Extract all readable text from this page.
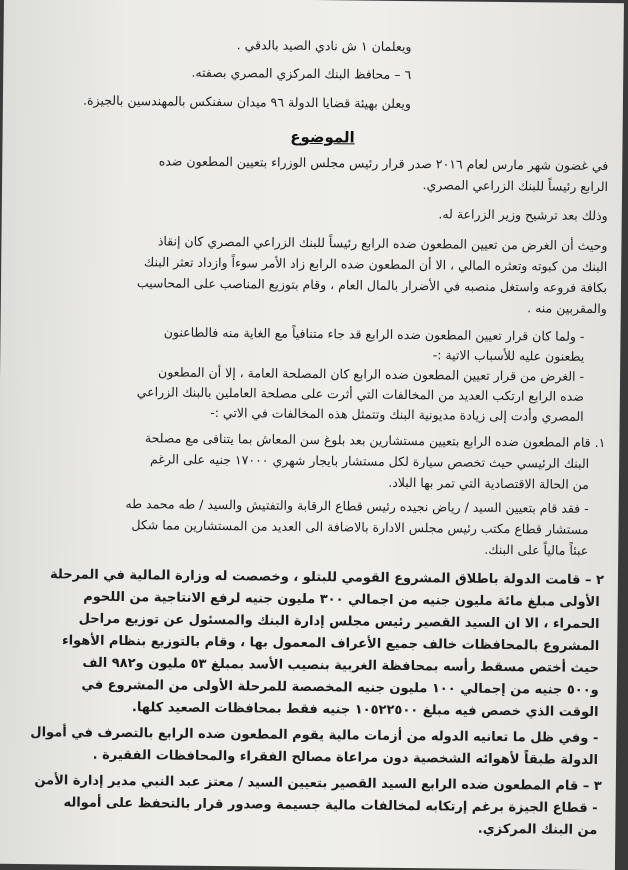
ويعلمان ١ ش نادي الصيد بالدقي .
٦ – محافظ البنك المركزي المصري بصفته.
ويعلن بهيئة قضايا الدولة ٩٦ ميدان سفنكس بالمهندسين بالجيزة.
الموضوع
في غضون شهر مارس لعام ٢٠١٦ صدر قرار رئيس مجلس الوزراء بتعيين المطعون ضده
الرابع رئيساً للبنك الزراعي المصري.
وذلك بعد ترشيح وزير الزراعة له.
وحيث أن الغرض من تعيين المطعون ضده الرابع رئيساً للبنك الزراعي المصري كان إنقاذ
البنك من كبوته وتعثره المالي ، الا أن المطعون ضده الرابع زاد الأمر سوءاً وازداد تعثر البنك
بكافة فروعه واستغل منصبه في الأضرار بالمال العام ، وقام بتوزيع المناصب على المحاسيب
والمقربين منه .
- ولما كان قرار تعيين المطعون ضده الرابع قد جاء متنافياً مع الغاية منه فالطاعنون
يطعنون عليه للأسباب الاتية :-
- الغرض من قرار تعيين المطعون ضده الرابع كان المصلحة العامة ، إلا أن المطعون
ضده الرابع ارتكب العديد من المخالفات التي أثرت على مصلحة العاملين بالبنك الزراعي
المصري وأدت إلى زيادة مديونية البنك وتتمثل هذه المخالفات في الاتي :-
١. قام المطعون ضده الرابع بتعيين مستشارين بعد بلوغ سن المعاش بما يتنافى مع مصلحة
البنك الرئيسي حيث تخصص سيارة لكل مستشار بايجار شهري ١٧٠٠٠ جنيه على الرغم
من الحالة الاقتصادية التي تمر بها البلاد.
- فقد قام بتعيين السيد / رياض نجيده رئيس قطاع الرقابة والتفتيش والسيد / طه محمد طه
مستشار قطاع مكتب رئيس مجلس الادارة بالاضافة الى العديد من المستشارين مما شكل
عبئاً مالياً على البنك.
٢ – قامت الدولة باطلاق المشروع القومي للبتلو ، وخصصت له وزارة المالية في المرحلة
الأولى مبلغ مائة مليون جنيه من اجمالي ٣٠٠ مليون جنيه لرفع الانتاجية من اللحوم
الحمراء ، الا ان السيد القصير رئيس مجلس إدارة البنك والمسئول عن توزيع مراحل
المشروع بالمحافظات خالف جميع الأعراف المعمول بها ، وقام بالتوزيع بنظام الأهواء
حيث أختص مسقط رأسه بمحافظة الغربية بنصيب الأسد بمبلغ ٥٣ مليون و٩٨٢ الف
و٥٠٠ جنيه من إجمالي ١٠٠ مليون جنيه المخصصة للمرحلة الأولى من المشروع في
الوقت الذي خصص فيه مبلغ ١٠٥٢٢٥٠٠ جنيه فقط بمحافظات الصعيد كلها.
- وفي ظل ما تعانيه الدوله من أزمات مالية يقوم المطعون ضده الرابع بالتصرف في أموال
الدولة طبقاً لأهوائه الشخصية دون مراعاة مصالح الفقراء والمحافظات الفقيرة .
٣ – قام المطعون ضده الرابع السيد القصير بتعيين السيد / معتز عبد النبي مدير إدارة الأمن
- قطاع الجيزة برغم إرتكابه لمخالفات مالية جسيمة وصدور قرار بالتحفظ على أمواله
من البنك المركزي.
